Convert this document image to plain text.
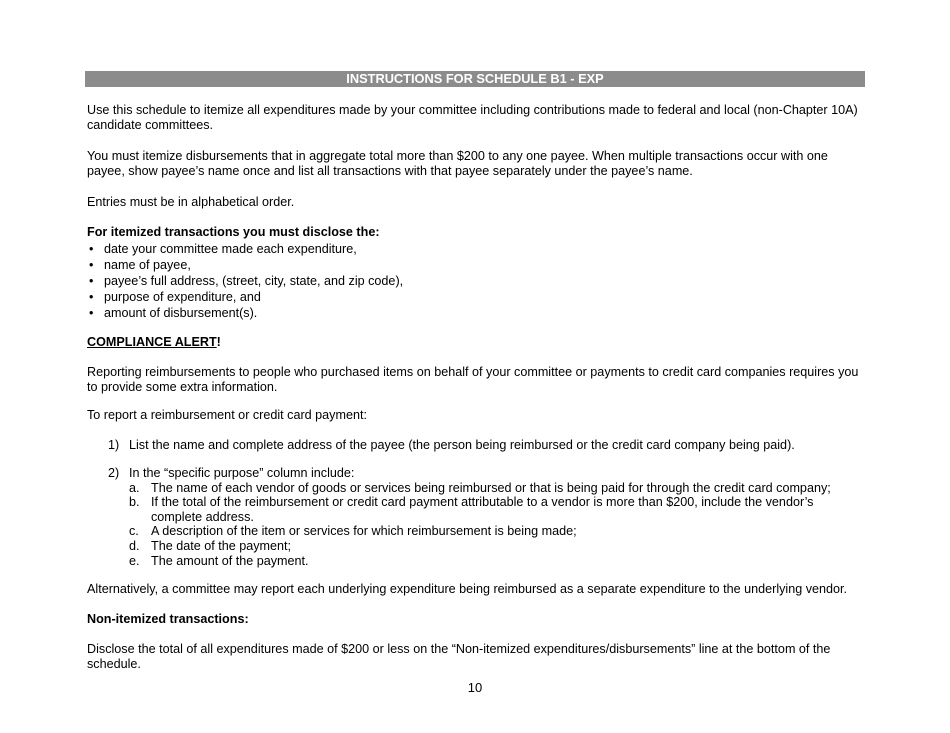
INSTRUCTIONS FOR SCHEDULE B1 - EXP

Use this schedule to itemize all expenditures made by your committee including contributions made to federal and local (non-Chapter 10A) candidate committees.

You must itemize disbursements that in aggregate total more than $200 to any one payee. When multiple transactions occur with one payee, show payee’s name once and list all transactions with that payee separately under the payee’s name.

Entries must be in alphabetical order.

For itemized transactions you must disclose the:

• date your committee made each expenditure,
• name of payee,
• payee’s full address, (street, city, state, and zip code),
• purpose of expenditure, and
• amount of disbursement(s).

COMPLIANCE ALERT!

Reporting reimbursements to people who purchased items on behalf of your committee or payments to credit card companies requires you to provide some extra information.

To report a reimbursement or credit card payment:

1) List the name and complete address of the payee (the person being reimbursed or the credit card company being paid).
2) In the “specific purpose” column include:
a. The name of each vendor of goods or services being reimbursed or that is being paid for through the credit card company;
b. If the total of the reimbursement or credit card payment attributable to a vendor is more than $200, include the vendor’s complete address.
c. A description of the item or services for which reimbursement is being made;
d. The date of the payment;
e. The amount of the payment.

Alternatively, a committee may report each underlying expenditure being reimbursed as a separate expenditure to the underlying vendor.

Non-itemized transactions:

Disclose the total of all expenditures made of $200 or less on the “Non-itemized expenditures/disbursements” line at the bottom of the schedule.

10
